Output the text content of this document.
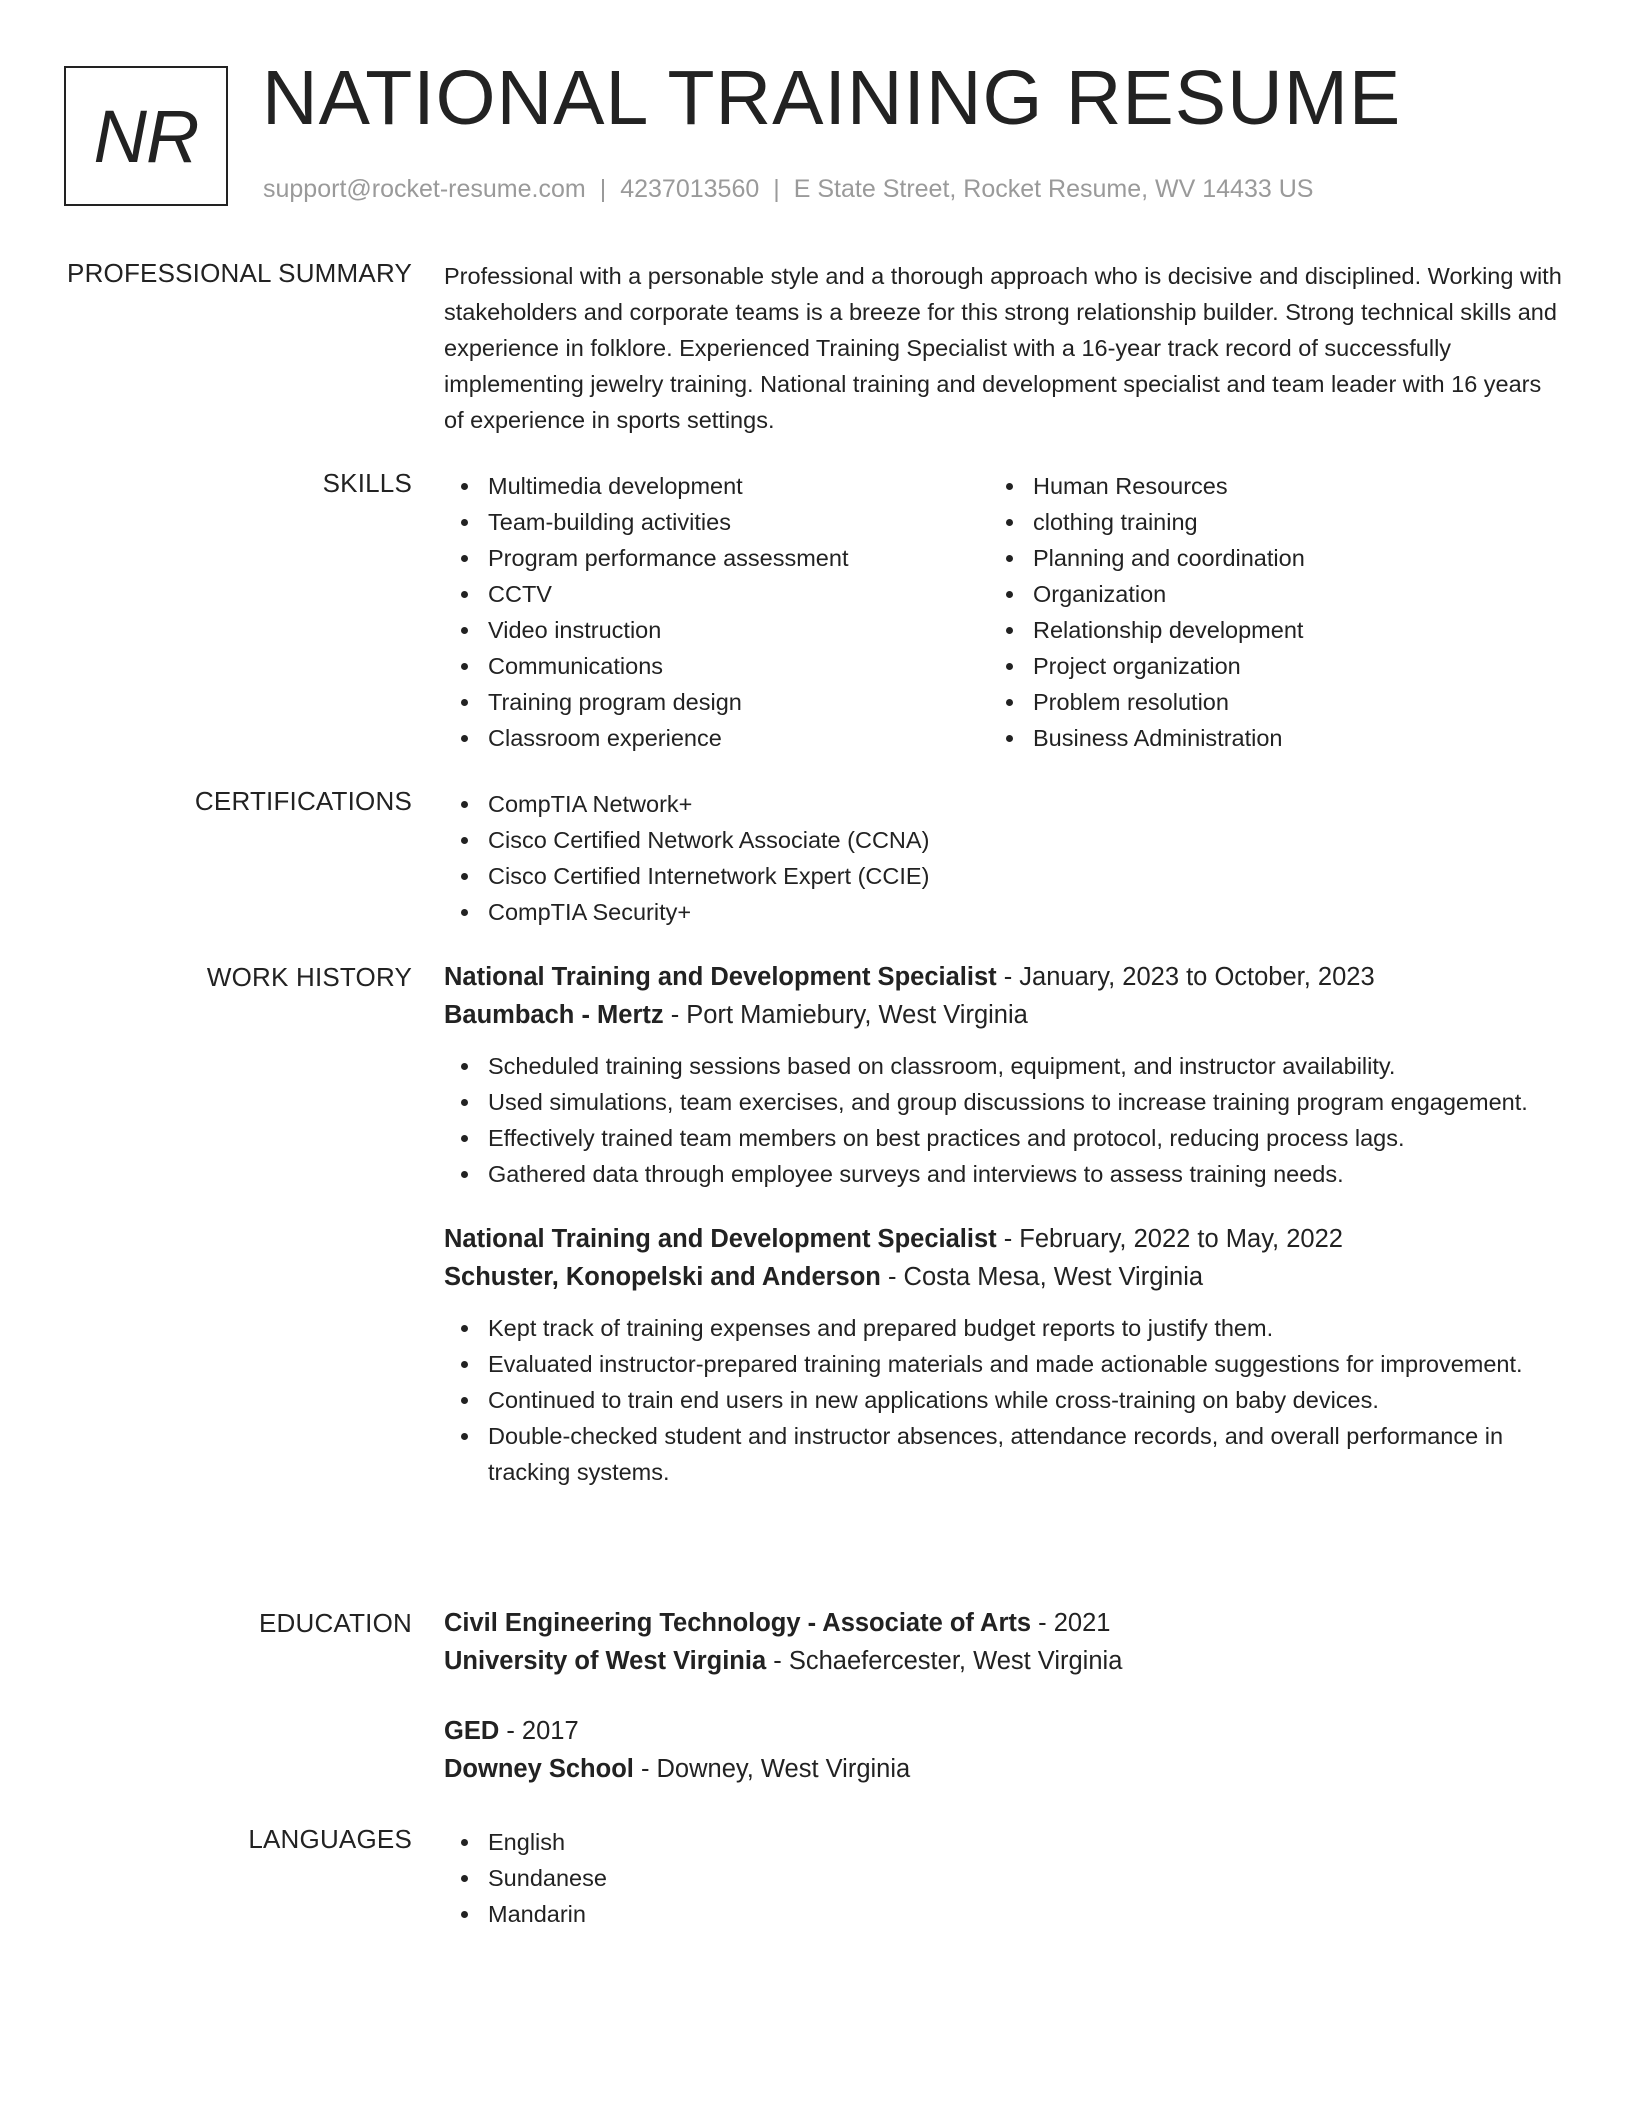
NR NATIONAL TRAINING RESUME
support@rocket-resume.com | 4237013560 | E State Street, Rocket Resume, WV 14433 US
PROFESSIONAL SUMMARY Professional with a personable style and a thorough approach who is decisive and disciplined. Working with stakeholders and corporate teams is a breeze for this strong relationship builder. Strong technical skills and experience in folklore. Experienced Training Specialist with a 16-year track record of successfully implementing jewelry training. National training and development specialist and team leader with 16 years of experience in sports settings.

SKILLS	Multimedia development
Team-building activities
Program performance assessment
CCTV
Video instruction
Communications
Training program design
Classroom experience
Human Resources
clothing training
Planning and coordination
Organization
Relationship development
Project organization
Problem resolution
Business Administration
CERTIFICATIONS	CompTIA Network+
Cisco Certified Network Associate (CCNA)
Cisco Certified Internetwork Expert (CCIE)
CompTIA Security+
WORK HISTORY National Training and Development Specialist - January, 2023 to October, 2023
Baumbach - Mertz - Port Mamiebury, West Virginia
Scheduled training sessions based on classroom, equipment, and instructor availability.
Used simulations, team exercises, and group discussions to increase training program engagement.
Effectively trained team members on best practices and protocol, reducing process lags.
Gathered data through employee surveys and interviews to assess training needs.
National Training and Development Specialist - February, 2022 to May, 2022
Schuster, Konopelski and Anderson - Costa Mesa, West Virginia
Kept track of training expenses and prepared budget reports to justify them.
Evaluated instructor-prepared training materials and made actionable suggestions for improvement.
Continued to train end users in new applications while cross-training on baby devices.
Double-checked student and instructor absences, attendance records, and overall performance in tracking systems.
EDUCATION Civil Engineering Technology - Associate of Arts - 2021
University of West Virginia - Schaefercester, West Virginia
GED - 2017
Downey School - Downey, West Virginia
LANGUAGES	English
Sundanese
Mandarin
